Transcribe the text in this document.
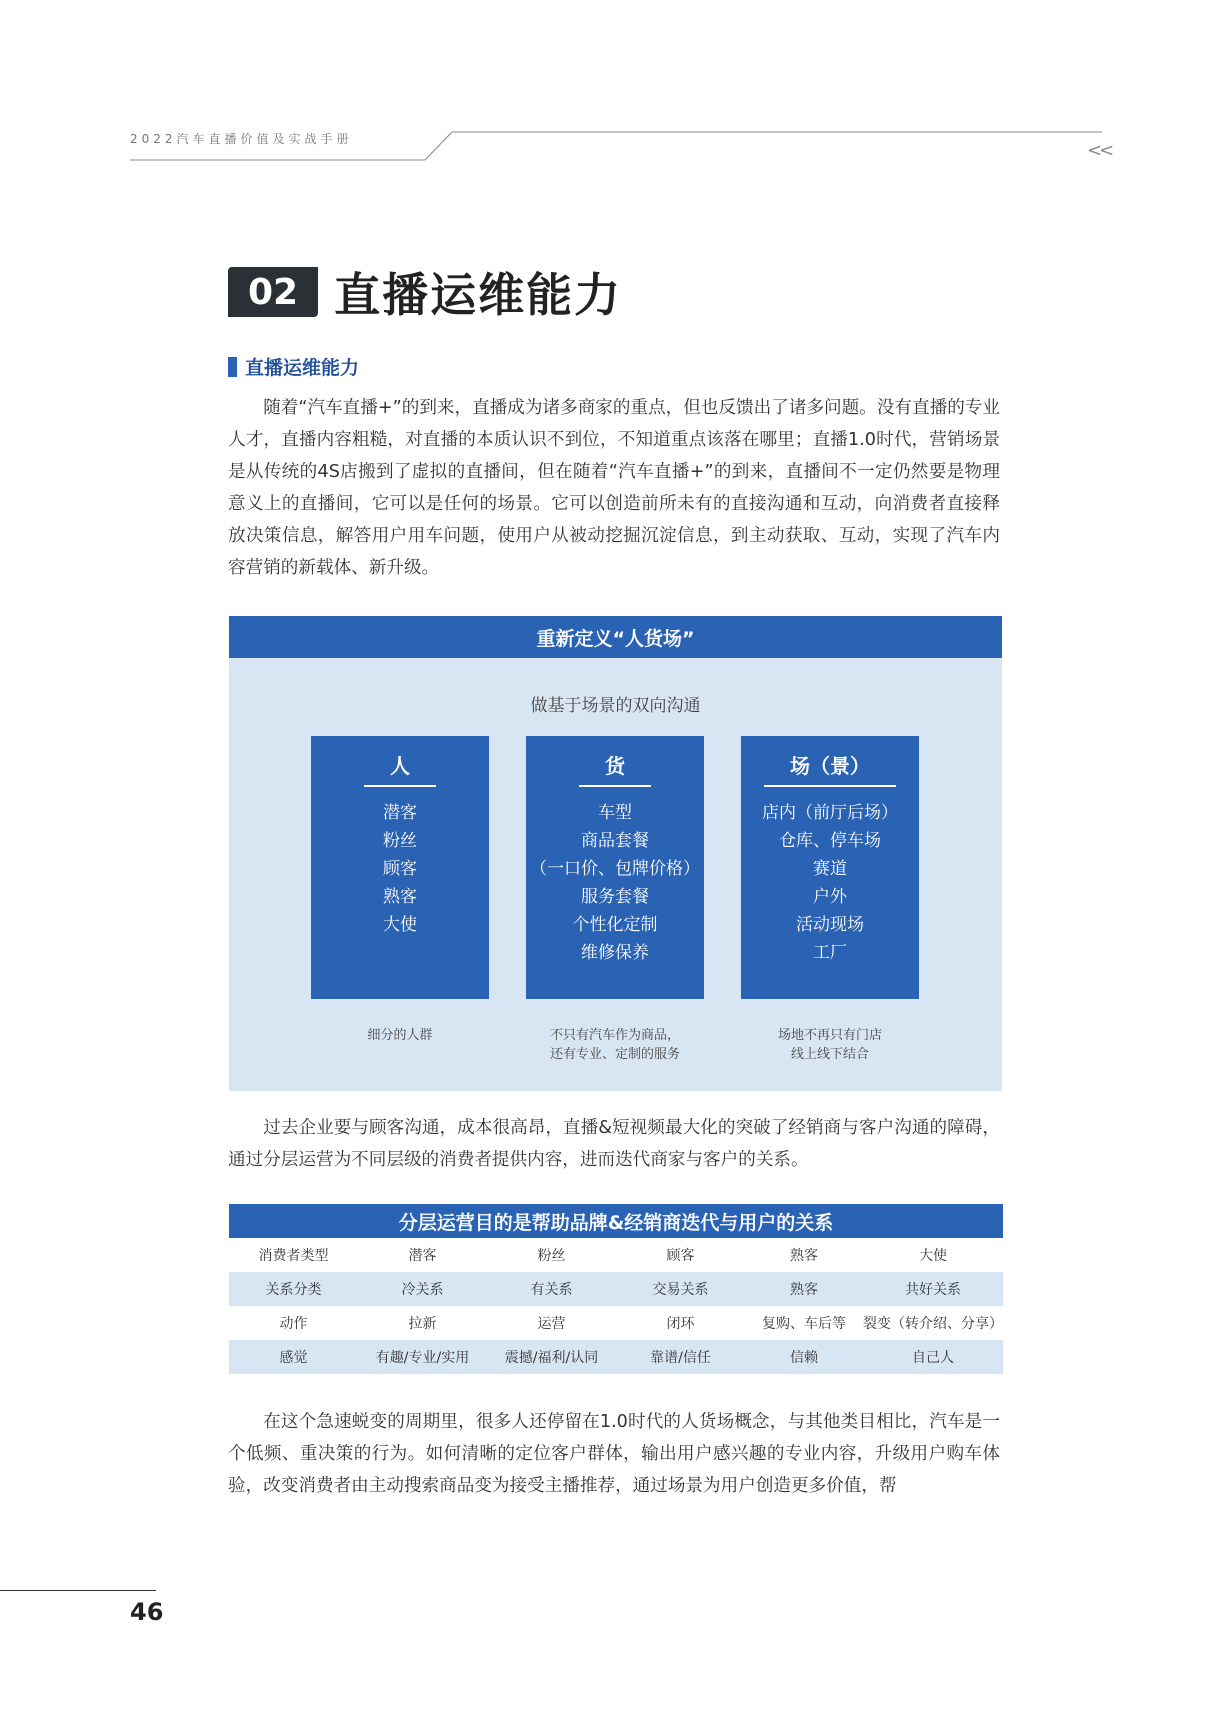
2022汽车直播价值及实战手册
<<
02 直播运维能力
直播运维能力

随着“汽车直播+”的到来，直播成为诸多商家的重点，但也反馈出了诸多问题。没有直播的专业人才，直播内容粗糙，对直播的本质认识不到位，不知道重点该落在哪里；直播1.0时代，营销场景是从传统的4S店搬到了虚拟的直播间，但在随着“汽车直播+”的到来，直播间不一定仍然要是物理意义上的直播间，它可以是任何的场景。它可以创造前所未有的直接沟通和互动，向消费者直接释放决策信息，解答用户用车问题，使用户从被动挖掘沉淀信息，到主动获取、互动，实现了汽车内容营销的新载体、新升级。

重新定义“人货场”
做基于场景的双向沟通
人
潜客
粉丝
顾客
熟客
大使
细分的人群
货
车型
商品套餐
（一口价、包牌价格）
服务套餐
个性化定制
维修保养
不只有汽车作为商品，
还有专业、定制的服务
场（景）
店内（前厅后场）
仓库、停车场
赛道
户外
活动现场
工厂
场地不再只有门店
线上线下结合

过去企业要与顾客沟通，成本很高昂，直播&短视频最大化的突破了经销商与客户沟通的障碍，通过分层运营为不同层级的消费者提供内容，进而迭代商家与客户的关系。

分层运营目的是帮助品牌&经销商迭代与用户的关系
消费者类型	潜客	粉丝	顾客	熟客	大使
关系分类	冷关系	有关系	交易关系	熟客	共好关系
动作	拉新	运营	闭环	复购、车后等	裂变（转介绍、分享）
感觉	有趣/专业/实用	震撼/福利/认同	靠谱/信任	信赖	自己人

在这个急速蜕变的周期里，很多人还停留在1.0时代的人货场概念，与其他类目相比，汽车是一个低频、重决策的行为。如何清晰的定位客户群体，输出用户感兴趣的专业内容，升级用户购车体验，改变消费者由主动搜索商品变为接受主播推荐，通过场景为用户创造更多价值，帮

46
